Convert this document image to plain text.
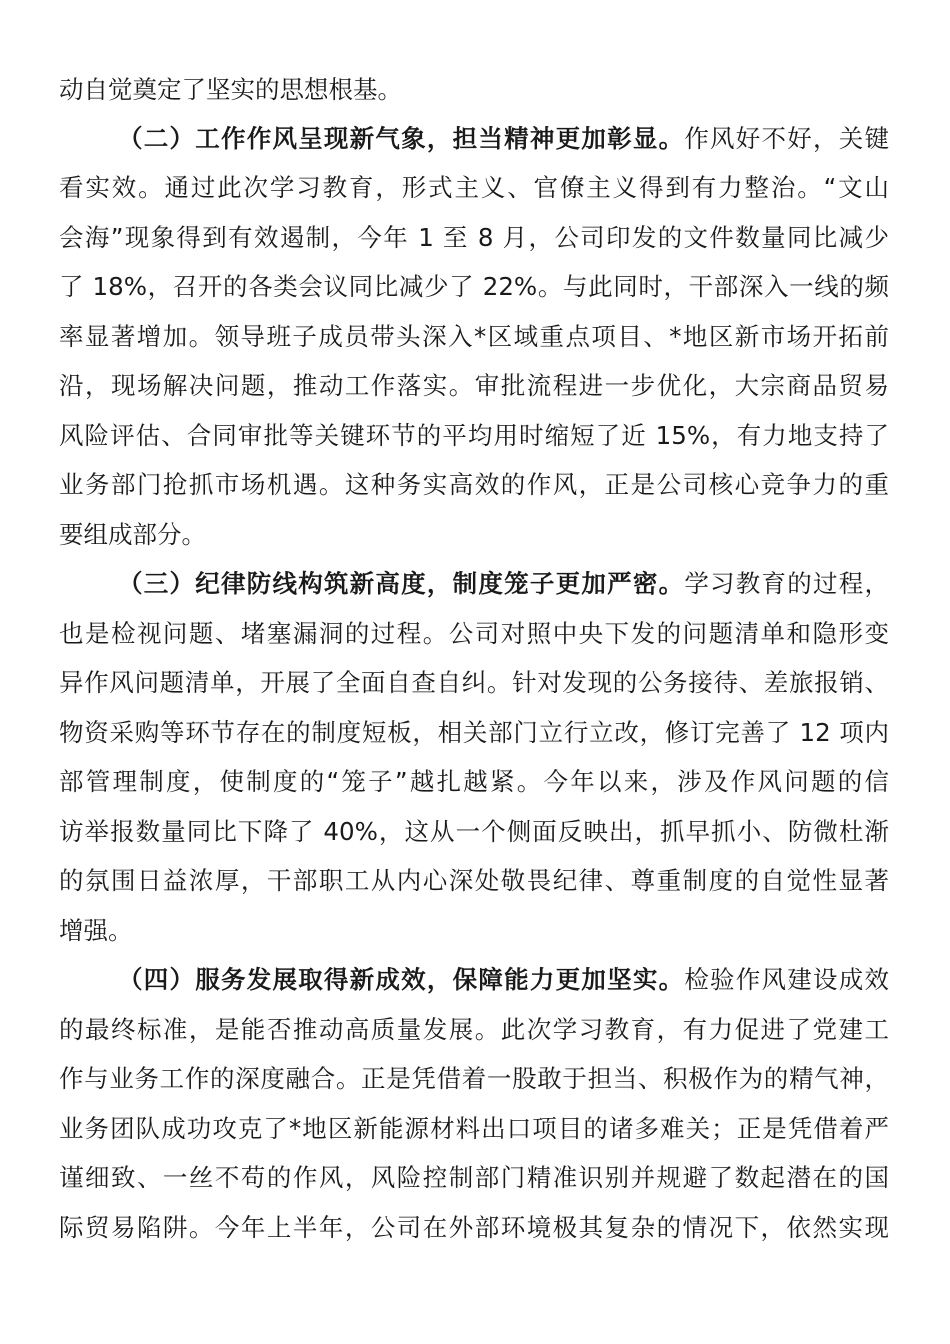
动自觉奠定了坚实的思想根基。
（二）工作作风呈现新气象，担当精神更加彰显。作风好不好，关键
看实效。通过此次学习教育，形式主义、官僚主义得到有力整治。“文山
会海”现象得到有效遏制，今年 1 至 8 月，公司印发的文件数量同比减少
了 18%，召开的各类会议同比减少了 22%。与此同时，干部深入一线的频
率显著增加。领导班子成员带头深入*区域重点项目、*地区新市场开拓前
沿，现场解决问题，推动工作落实。审批流程进一步优化，大宗商品贸易
风险评估、合同审批等关键环节的平均用时缩短了近 15%，有力地支持了
业务部门抢抓市场机遇。这种务实高效的作风，正是公司核心竞争力的重
要组成部分。
（三）纪律防线构筑新高度，制度笼子更加严密。学习教育的过程，
也是检视问题、堵塞漏洞的过程。公司对照中央下发的问题清单和隐形变
异作风问题清单，开展了全面自查自纠。针对发现的公务接待、差旅报销、
物资采购等环节存在的制度短板，相关部门立行立改，修订完善了 12 项内
部管理制度，使制度的“笼子”越扎越紧。今年以来，涉及作风问题的信
访举报数量同比下降了 40%，这从一个侧面反映出，抓早抓小、防微杜渐
的氛围日益浓厚，干部职工从内心深处敬畏纪律、尊重制度的自觉性显著
增强。
（四）服务发展取得新成效，保障能力更加坚实。检验作风建设成效
的最终标准，是能否推动高质量发展。此次学习教育，有力促进了党建工
作与业务工作的深度融合。正是凭借着一股敢于担当、积极作为的精气神，
业务团队成功攻克了*地区新能源材料出口项目的诸多难关；正是凭借着严
谨细致、一丝不苟的作风，风险控制部门精准识别并规避了数起潜在的国
际贸易陷阱。今年上半年，公司在外部环境极其复杂的情况下，依然实现
